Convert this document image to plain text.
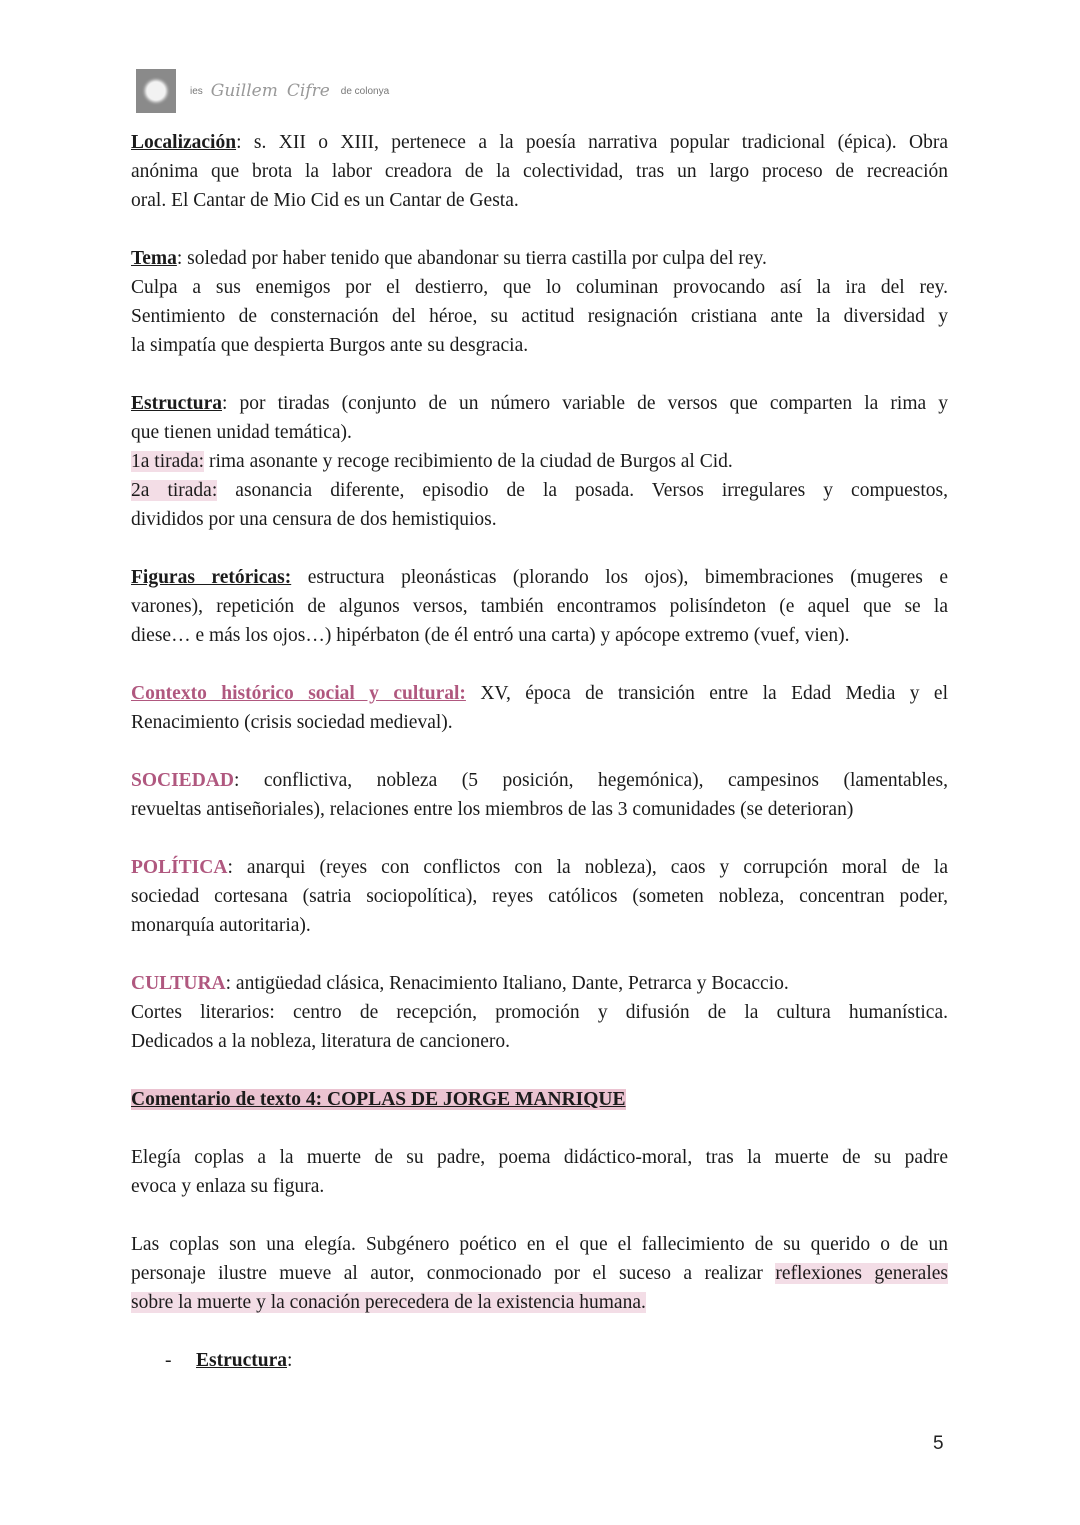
ies Guillem Cifre de colonya
Localización: s. XII o XIII, pertenece a la poesía narrativa popular tradicional (épica). Obra
anónima que brota la labor creadora de la colectividad, tras un largo proceso de recreación
oral. El Cantar de Mio Cid es un Cantar de Gesta.
Tema: soledad por haber tenido que abandonar su tierra castilla por culpa del rey.
Culpa a sus enemigos por el destierro, que lo columinan provocando así la ira del rey.
Sentimiento de consternación del héroe, su actitud resignación cristiana ante la diversidad y
la simpatía que despierta Burgos ante su desgracia.
Estructura: por tiradas (conjunto de un número variable de versos que comparten la rima y
que tienen unidad temática).
1a tirada: rima asonante y recoge recibimiento de la ciudad de Burgos al Cid.
2a tirada: asonancia diferente, episodio de la posada. Versos irregulares y compuestos,
divididos por una censura de dos hemistiquios.
Figuras retóricas: estructura pleonásticas (plorando los ojos), bimembraciones (mugeres e
varones), repetición de algunos versos, también encontramos polisíndeton (e aquel que se la
diese… e más los ojos…) hipérbaton (de él entró una carta) y apócope extremo (vuef, vien).
Contexto histórico social y cultural: XV, época de transición entre la Edad Media y el
Renacimiento (crisis sociedad medieval).
SOCIEDAD: conflictiva, nobleza (5 posición, hegemónica), campesinos (lamentables,
revueltas antiseñoriales), relaciones entre los miembros de las 3 comunidades (se deterioran)
POLÍTICA: anarqui (reyes con conflictos con la nobleza), caos y corrupción moral de la
sociedad cortesana (satria sociopolítica), reyes católicos (someten nobleza, concentran poder,
monarquía autoritaria).
CULTURA: antigüedad clásica, Renacimiento Italiano, Dante, Petrarca y Bocaccio.
Cortes literarios: centro de recepción, promoción y difusión de la cultura humanística.
Dedicados a la nobleza, literatura de cancionero.
Comentario de texto 4: COPLAS DE JORGE MANRIQUE
Elegía coplas a la muerte de su padre, poema didáctico-moral, tras la muerte de su padre
evoca y enlaza su figura.
Las coplas son una elegía. Subgénero poético en el que el fallecimiento de su querido o de un
personaje ilustre mueve al autor, conmocionado por el suceso a realizar reflexiones generales
sobre la muerte y la conación perecedera de la existencia humana.
- Estructura:
5
